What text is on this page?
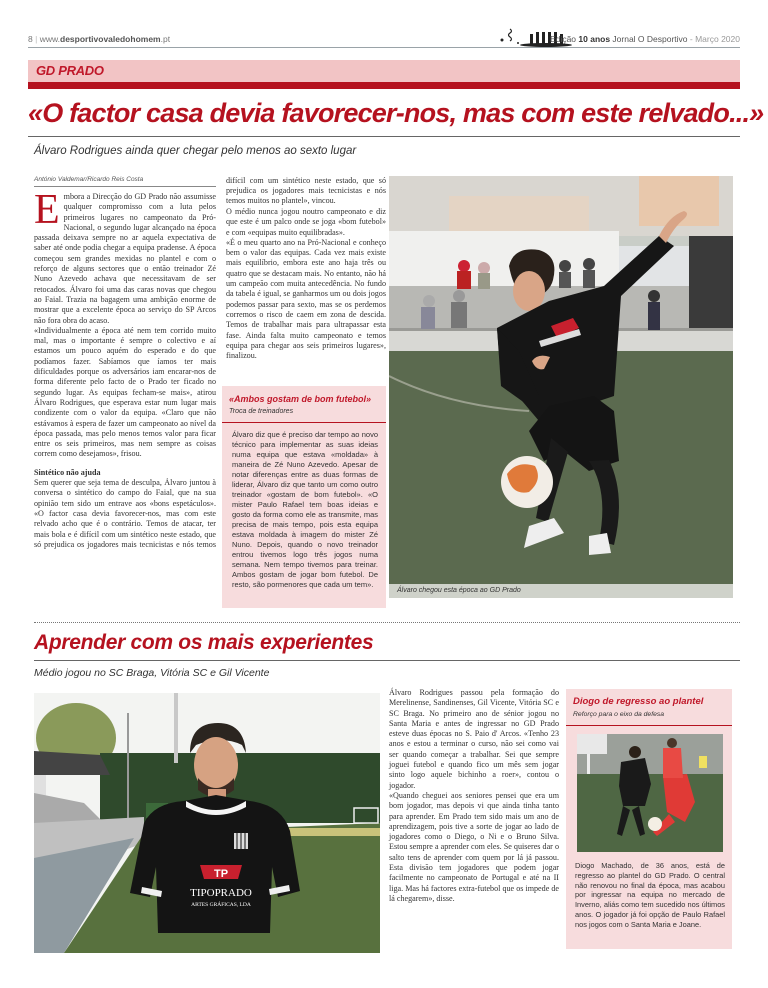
8 | www.desportivovaledohomem.pt	Edição 10 anos Jornal O Desportivo - Março 2020
GD PRADO
«O factor casa devia favorecer-nos, mas com este relvado...»
Álvaro Rodrigues ainda quer chegar pelo menos ao sexto lugar
António Valdemar/Ricardo Reis Costa

Embora a Direcção do GD Prado não assumisse qualquer compromisso com a luta pelos primeiros lugares no campeonato da Pró-Nacional, o segundo lugar alcançado na época passada deixava sempre no ar aquela expectativa de saber até onde podia chegar a equipa pradense. A época começou sem grandes mexidas no plantel e com o reforço de alguns sectores que o então treinador Zé Nuno Azevedo achava que necessitavam de ser retocados. Álvaro foi uma das caras novas que chegou ao Faial. Trazia na bagagem uma ambição enorme de mostrar que a excelente época ao serviço do SP Arcos não fora obra do acaso.

«Individualmente a época até nem tem corrido muito mal, mas o importante é sempre o colectivo e aí estamos um pouco aquém do esperado e do que podíamos fazer. Sabíamos que íamos ter mais dificuldades porque os adversários iam encarar-nos de forma diferente pelo facto de o Prado ter ficado no segundo lugar. As equipas fecham-se mais», atirou Álvaro Rodrigues, que esperava estar num lugar mais condizente com o valor da equipa. «Claro que não estávamos à espera de fazer um campeonato ao nível da época passada, mas pelo menos temos valor para ficar entre os seis primeiros, mas nem sempre as coisas correm como desejamos», frisou.

Sintético não ajuda

Sem querer que seja tema de desculpa, Álvaro juntou à conversa o sintético do campo do Faial, que na sua opinião tem sido um entrave aos «bons espetáculos». «O factor casa devia favorecer-nos, mas com este relvado acho que é o contrário. Temos de atacar, ter mais bola e é difícil com um sintético neste estado, que só prejudica os jogadores mais tecnicistas e nós temos

difícil com um sintético neste estado, que só prejudica os jogadores mais tecnicistas e nós temos muitos no plantel», vincou.

O médio nunca jogou noutro campeonato e diz que este é um palco onde se joga «bom futebol» e com «equipas muito equilibradas».

«É o meu quarto ano na Pró-Nacional e conheço bem o valor das equipas. Cada vez mais existe mais equilíbrio, embora este ano haja três ou quatro que se destacam mais. No entanto, não há um campeão com muita antecedência. No fundo da tabela é igual, se ganharmos um ou dois jogos podemos passar para sexto, mas se os perdemos corremos o risco de caem em zona de descida. Temos de trabalhar mais para ultrapassar esta fase. Ainda falta muito campeonato e temos equipa para chegar aos seis primeiros lugares», finalizou.

«Ambos gostam de bom futebol»
Troca de treinadores
Álvaro diz que é preciso dar tempo ao novo técnico para implementar as suas ideias numa equipa que estava «moldada» à maneira de Zé Nuno Azevedo. Apesar de notar diferenças entre as duas formas de liderar, Álvaro diz que tanto um como outro treinador «gostam de bom futebol». «O mister Paulo Rafael tem boas ideias e gosto da forma como ele as transmite, mas precisa de mais tempo, pois esta equipa estava moldada à imagem do mister Zé Nuno. Depois, quando o novo treinador entrou tivemos logo três jogos numa semana. Nem tempo tivemos para treinar. Ambos gostam de jogar bom futebol. De resto, são pormenores que cada um tem».
Álvaro chegou esta época ao GD Prado
Aprender com os mais experientes
Médio jogou no SC Braga, Vitória SC e Gil Vicente
TP
TIPOPRADO
ARTES GRÁFICAS, LDA

Álvaro Rodrigues passou pela formação do Merelinense, Sandinenses, Gil Vicente, Vitória SC e SC Braga. No primeiro ano de sénior jogou no Santa Maria e antes de ingressar no GD Prado esteve duas épocas no S. Paio d' Arcos. «Tenho 23 anos e estou a terminar o curso, não sei como vai ser quando começar a trabalhar. Sei que sempre joguei futebol e quando fico um mês sem jogar sinto logo aquele bichinho a roer», contou o jogador.

«Quando cheguei aos seniores pensei que era um bom jogador, mas depois vi que ainda tinha tanto para aprender. Em Prado tem sido mais um ano de aprendizagem, pois tive a sorte de jogar ao lado de jogadores como o Diego, o Ni e o Bruno Silva. Estou sempre a aprender com eles. Se quiseres dar o salto tens de aprender com quem por lá já passou. Esta divisão tem jogadores que podem jogar facilmente no campeonato de Portugal e até na II liga. Mas há factores extra-futebol que os impede de lá chegarem», disse.

Diogo de regresso ao plantel
Reforço para o eixo da defesa
Diogo Machado, de 36 anos, está de regresso ao plantel do GD Prado. O central não renovou no final da época, mas acabou por ingressar na equipa no mercado de Inverno, aliás como tem sucedido nos últimos anos. O jogador já foi opção de Paulo Rafael nos jogos com o Santa Maria e Joane.
